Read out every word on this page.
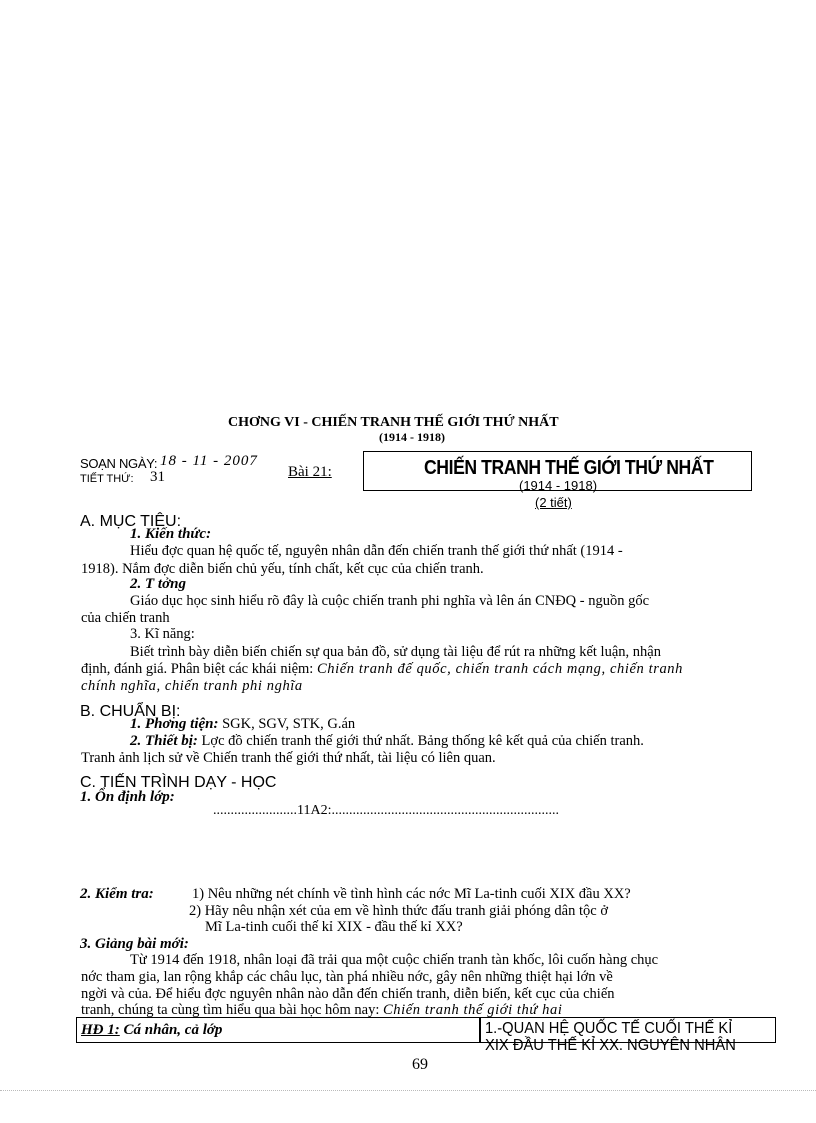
CHƠNG VI - CHIẾN TRANH THẾ GIỚI THỨ NHẤT
(1914 - 1918)
SOẠN NGÀY: 18 - 11 - 2007
TIẾT THỨ: 31	Bài 21:	CHIẾN TRANH THẾ GIỚI THỨ NHẤT
(1914 - 1918)
(2 tiết)
A. MỤC TIÊU:
1. Kiến thức:
Hiểu đợc quan hệ quốc tế, nguyên nhân dẫn đến chiến tranh thế giới thứ nhất (1914 -
1918). Nắm đợc diễn biến chủ yếu, tính chất, kết cục của chiến tranh.
2. T tởng
Giáo dục học sinh hiểu rõ đây là cuộc chiến tranh phi nghĩa và lên án CNĐQ - nguồn gốc
của chiến tranh
3. Kĩ năng:
Biết trình bày diễn biến chiến sự qua bản đồ, sử dụng tài liệu để rút ra những kết luận, nhận
định, đánh giá. Phân biệt các khái niệm: Chiến tranh đế quốc, chiến tranh cách mạng, chiến tranh
chính nghĩa, chiến tranh phi nghĩa
B. CHUẨN BỊ:
1. Phơng tiện: SGK, SGV, STK, G.án
2. Thiết bị: Lợc đồ chiến tranh thế giới thứ nhất. Bảng thống kê kết quả của chiến tranh.
Tranh ảnh lịch sử về Chiến tranh thế giới thứ nhất, tài liệu có liên quan.
C. TIẾN TRÌNH DẠY - HỌC
1. Ổn định lớp:
........................11A2:.................................................................
2. Kiểm tra:	1) Nêu những nét chính về tình hình các nớc Mĩ La-tinh cuối XIX đầu XX?
2) Hãy nêu nhận xét của em về hình thức đấu tranh giải phóng dân tộc ở
Mĩ La-tinh cuối thế kỉ XIX - đầu thế kỉ XX?
3. Giảng bài mới:
Từ 1914 đến 1918, nhân loại đã trải qua một cuộc chiến tranh tàn khốc, lôi cuốn hàng chục
nớc tham gia, lan rộng khắp các châu lục, tàn phá nhiều nớc, gây nên những thiệt hại lớn về
ngời và của. Để hiểu đợc nguyên nhân nào dẫn đến chiến tranh, diễn biến, kết cục của chiến
tranh, chúng ta cùng tìm hiểu qua bài học hôm nay: Chiến tranh thế giới thứ hai
HĐ 1: Cá nhân, cả lớp	1.-QUAN HỆ QUỐC TẾ CUỐI THẾ KỈ
XIX ĐẦU THẾ KỈ XX. NGUYÊN NHÂN
69
